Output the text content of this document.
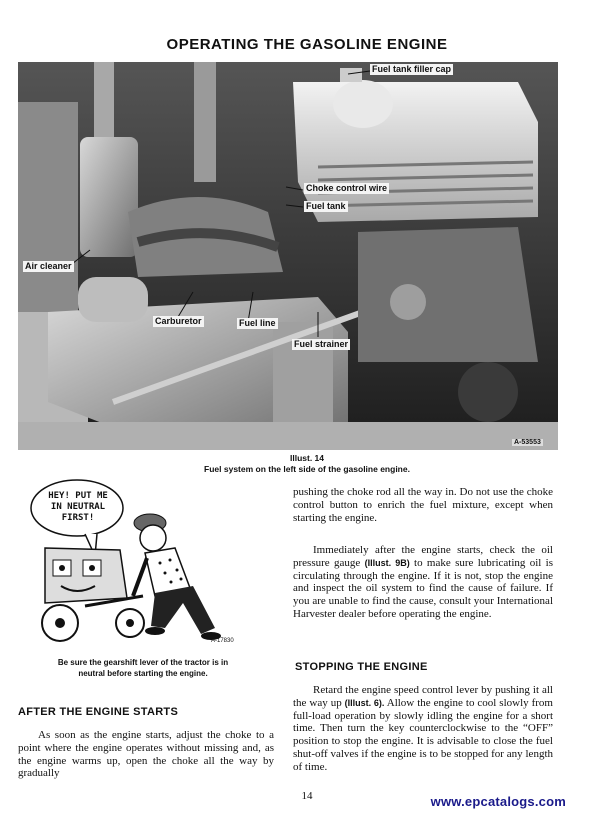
OPERATING THE GASOLINE ENGINE
Fuel tank filler cap
Choke control wire
Fuel tank
Air cleaner
Carburetor	Fuel line
Fuel strainer
A-53553
Illust. 14
Fuel system on the left side of the gasoline engine.
HEY! PUT ME
IN NEUTRAL
FIRST!
A-17830
Be sure the gearshift lever of the tractor is in
neutral before starting the engine.
AFTER THE ENGINE STARTS
As soon as the engine starts, adjust the choke to a point where the engine operates without missing and, as the engine warms up, open the choke all the way by gradually
pushing the choke rod all the way in. Do not use the choke control button to enrich the fuel mixture, except when starting the engine.
Immediately after the engine starts, check the oil pressure gauge (Illust. 9B) to make sure lubricating oil is circulating through the engine. If it is not, stop the engine and inspect the oil system to find the cause of failure. If you are unable to find the cause, consult your International Harvester dealer before operating the engine.
STOPPING THE ENGINE
Retard the engine speed control lever by pushing it all the way up (Illust. 6). Allow the engine to cool slowly from full-load operation by slowly idling the engine for a short time. Then turn the key counterclockwise to the “OFF” position to stop the engine. It is advisable to close the fuel shut-off valves if the engine is to be stopped for any length of time.
14	www.epcatalogs.com
